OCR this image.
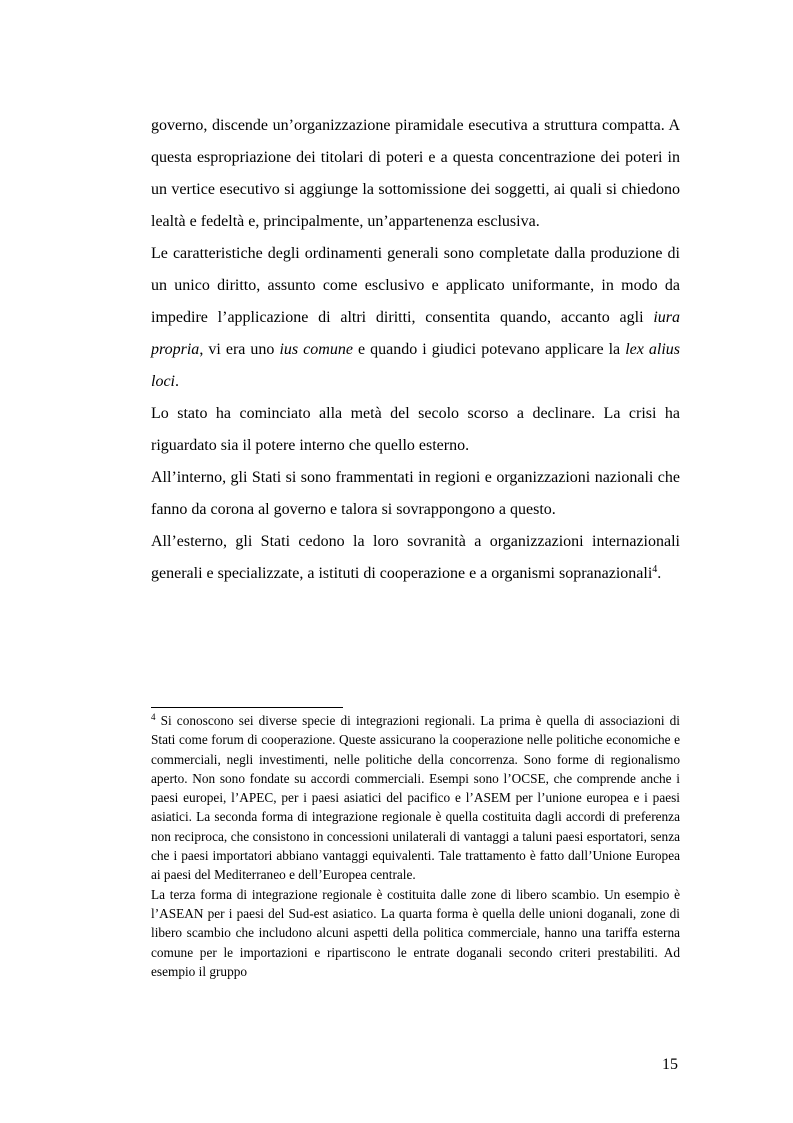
governo, discende un’organizzazione piramidale esecutiva a struttura compatta. A questa espropriazione dei titolari di poteri e a questa concentrazione dei poteri in un vertice esecutivo si aggiunge la sottomissione dei soggetti, ai quali si chiedono lealtà e fedeltà e, principalmente, un’appartenenza esclusiva.

Le caratteristiche degli ordinamenti generali sono completate dalla produzione di un unico diritto, assunto come esclusivo e applicato uniformante, in modo da impedire l’applicazione di altri diritti, consentita quando, accanto agli iura propria, vi era uno ius comune e quando i giudici potevano applicare la lex alius loci.

Lo stato ha cominciato alla metà del secolo scorso a declinare. La crisi ha riguardato sia il potere interno che quello esterno.

All’interno, gli Stati si sono frammentati in regioni e organizzazioni nazionali che fanno da corona al governo e talora si sovrappongono a questo.

All’esterno, gli Stati cedono la loro sovranità a organizzazioni internazionali generali e specializzate, a istituti di cooperazione e a organismi sopranazionali$^4$.

$^4$ Si conoscono sei diverse specie di integrazioni regionali. La prima è quella di associazioni di Stati come forum di cooperazione. Queste assicurano la cooperazione nelle politiche economiche e commerciali, negli investimenti, nelle politiche della concorrenza. Sono forme di regionalismo aperto. Non sono fondate su accordi commerciali. Esempi sono l’OCSE, che comprende anche i paesi europei, l’APEC, per i paesi asiatici del pacifico e l’ASEM per l’unione europea e i paesi asiatici. La seconda forma di integrazione regionale è quella costituita dagli accordi di preferenza non reciproca, che consistono in concessioni unilaterali di vantaggi a taluni paesi esportatori, senza che i paesi importatori abbiano vantaggi equivalenti. Tale trattamento è fatto dall’Unione Europea ai paesi del Mediterraneo e dell’Europea centrale.

La terza forma di integrazione regionale è costituita dalle zone di libero scambio. Un esempio è l’ASEAN per i paesi del Sud-est asiatico. La quarta forma è quella delle unioni doganali, zone di libero scambio che includono alcuni aspetti della politica commerciale, hanno una tariffa esterna comune per le importazioni e ripartiscono le entrate doganali secondo criteri prestabiliti. Ad esempio il gruppo

15
